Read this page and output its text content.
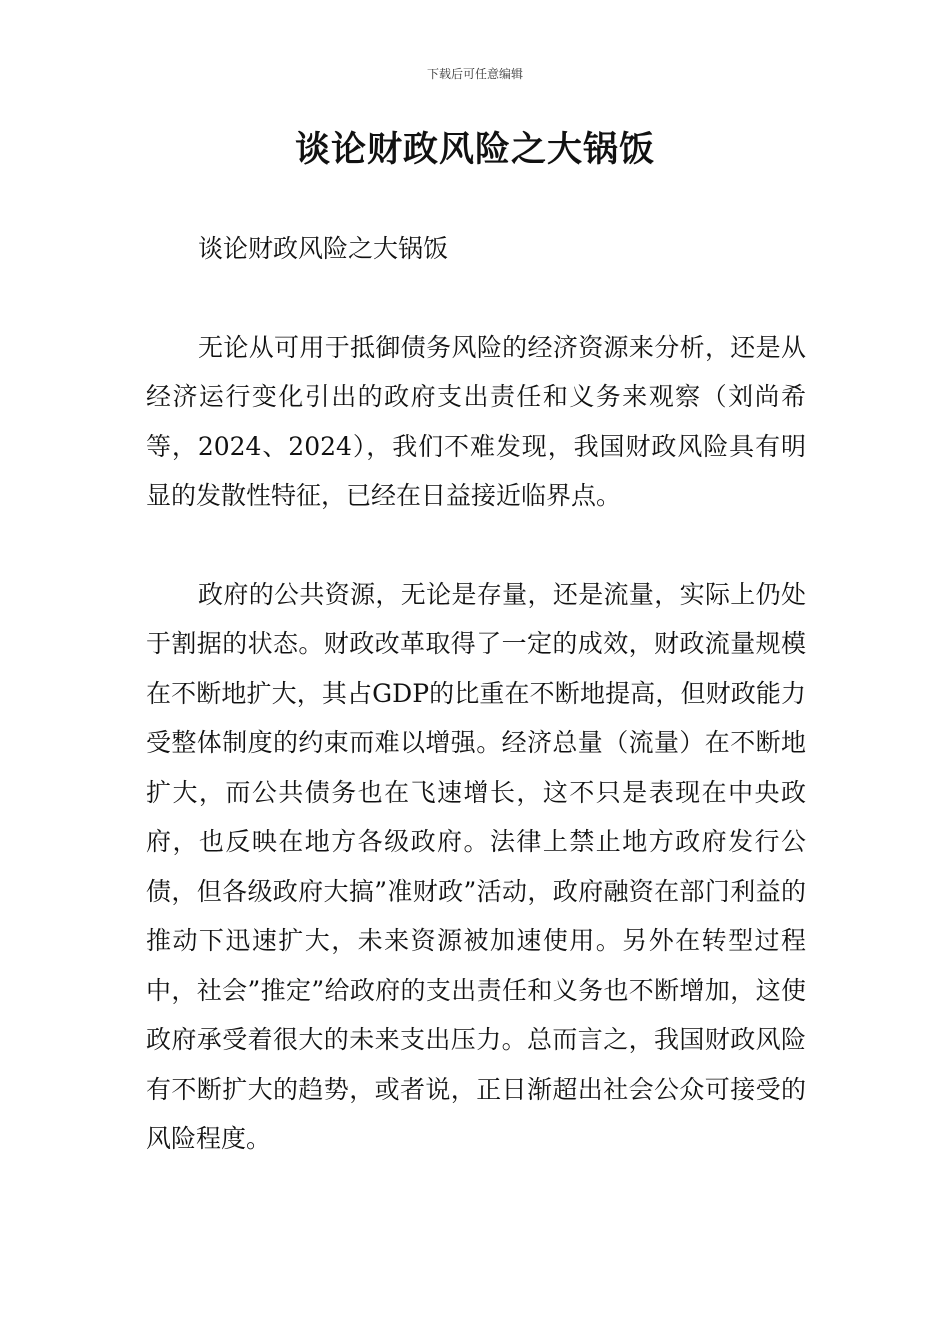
下载后可任意编辑
谈论财政风险之大锅饭

谈论财政风险之大锅饭

无论从可用于抵御债务风险的经济资源来分析，还是从经济运行变化引出的政府支出责任和义务来观察（刘尚希等，2024、2024），我们不难发现，我国财政风险具有明显的发散性特征，已经在日益接近临界点。

政府的公共资源，无论是存量，还是流量，实际上仍处于割据的状态。财政改革取得了一定的成效，财政流量规模在不断地扩大，其占GDP的比重在不断地提高，但财政能力受整体制度的约束而难以增强。经济总量（流量）在不断地扩大，而公共债务也在飞速增长，这不只是表现在中央政府，也反映在地方各级政府。法律上禁止地方政府发行公债，但各级政府大搞”准财政”活动，政府融资在部门利益的推动下迅速扩大，未来资源被加速使用。另外在转型过程中，社会”推定”给政府的支出责任和义务也不断增加，这使政府承受着很大的未来支出压力。总而言之，我国财政风险有不断扩大的趋势，或者说，正日渐超出社会公众可接受的风险程度。
